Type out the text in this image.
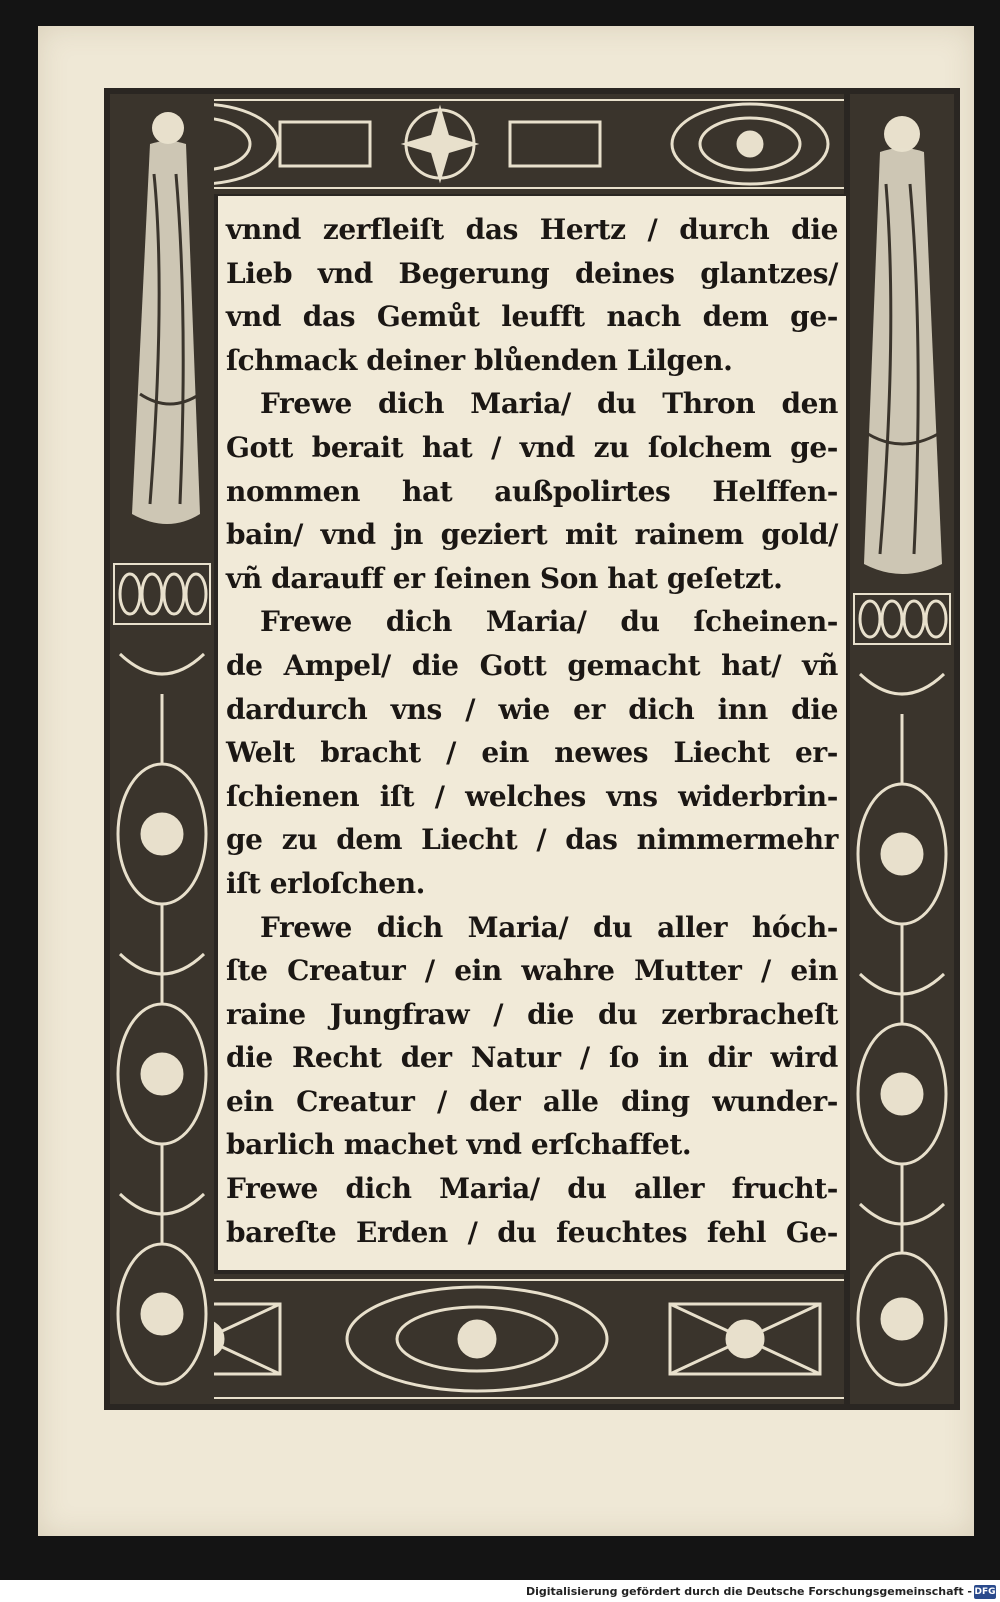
vnnd zerfleiſt das Hertz / durch die
Lieb vnd Begerung deines glantzes/
vnd das Gemůt leufft nach dem ge-
ſchmack deiner blůenden Lilgen.
Frewe dich Maria/ du Thron den
Gott berait hat / vnd zu ſolchem ge-
nommen hat außpolirtes Helffen-
bain/ vnd jn geziert mit rainem gold/
vñ darauff er ſeinen Son hat geſetzt.
Frewe dich Maria/ du ſcheinen-
de Ampel/ die Gott gemacht hat/ vñ
dardurch vns / wie er dich inn die
Welt bracht / ein newes Liecht er-
ſchienen iſt / welches vns widerbrin-
ge zu dem Liecht / das nimmermehr
iſt erloſchen.
Frewe dich Maria/ du aller hóch-
ſte Creatur / ein wahre Mutter / ein
raine Jungfraw / die du zerbracheſt
die Recht der Natur / ſo in dir wird
ein Creatur / der alle ding wunder-
barlich machet vnd erſchaffet.
Frewe dich Maria/ du aller frucht-
bareſte Erden / du feuchtes fehl Ge-
Digitalisierung gefördert durch die Deutsche Forschungsgemeinschaft - DFG
